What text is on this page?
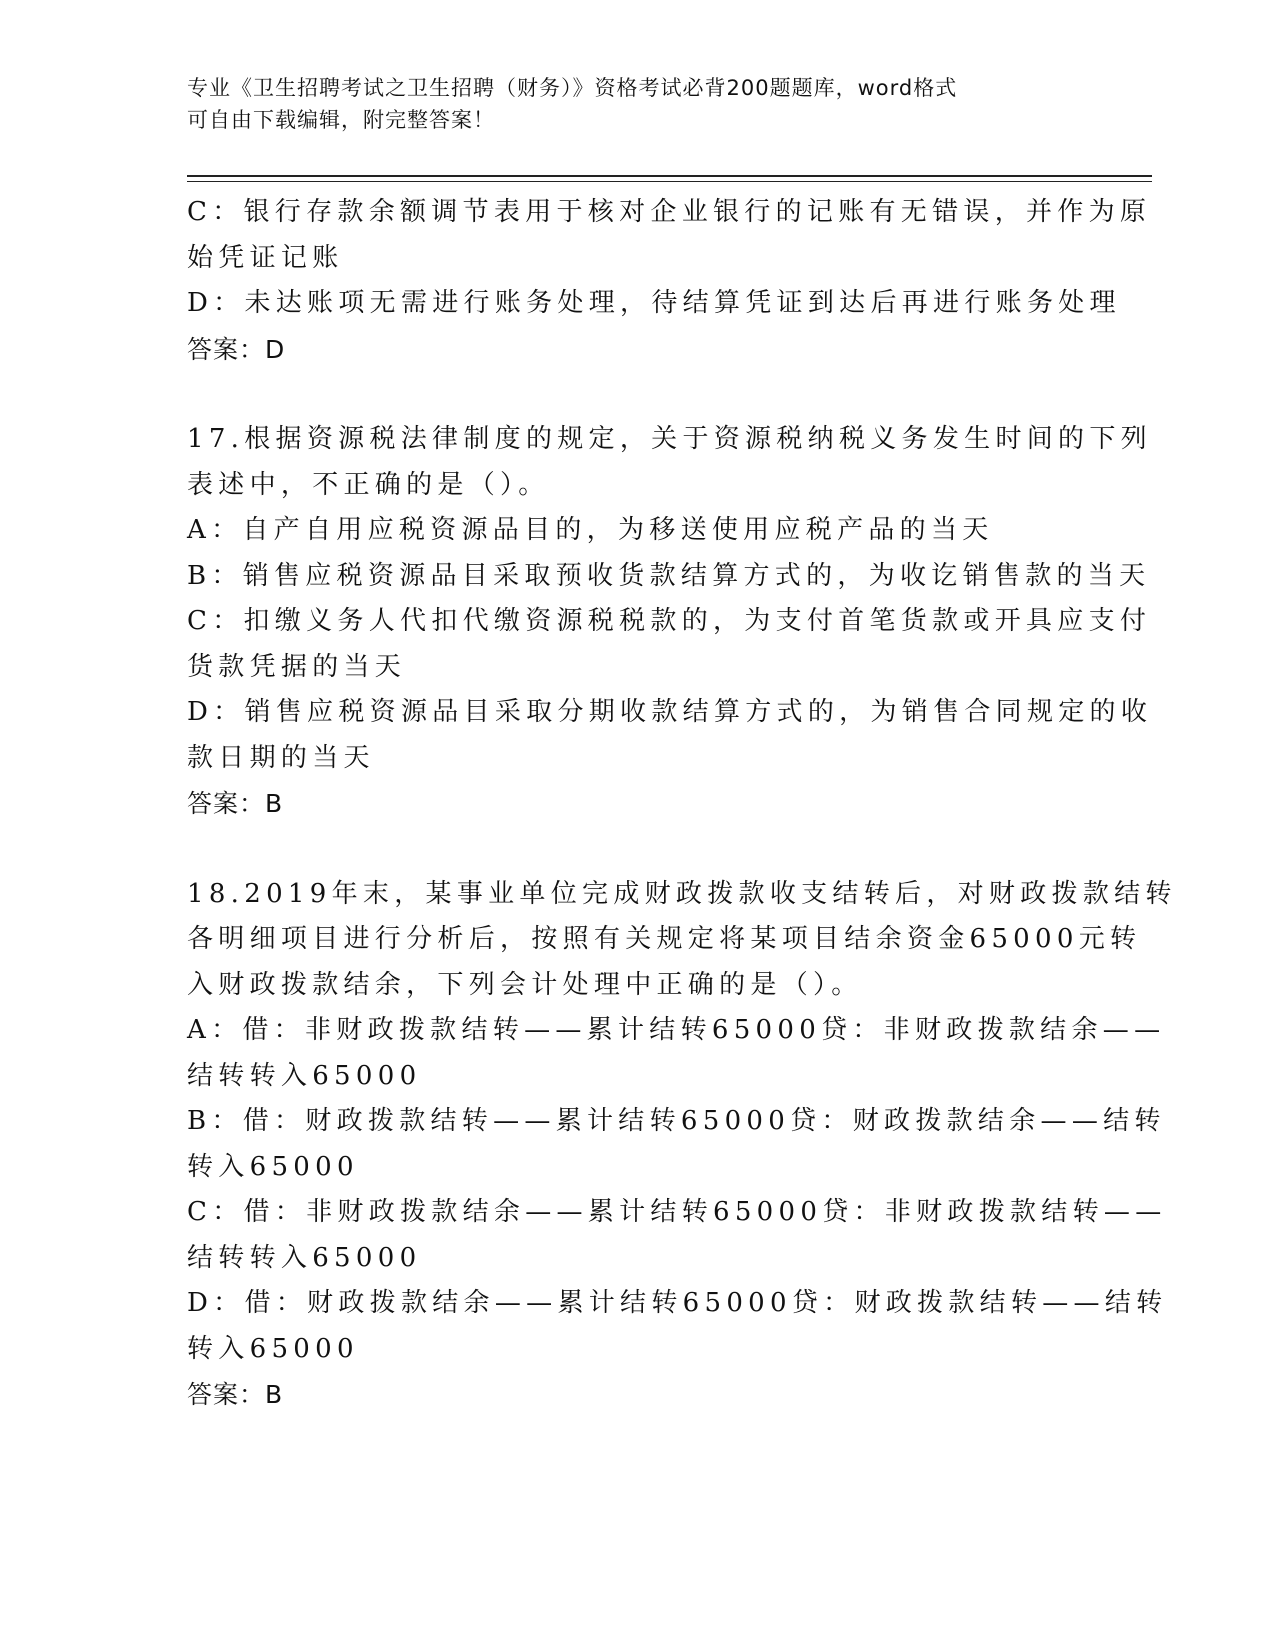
专业《卫生招聘考试之卫生招聘（财务）》资格考试必背200题题库，word格式
可自由下载编辑，附完整答案！
C：银行存款余额调节表用于核对企业银行的记账有无错误，并作为原
始凭证记账
D：未达账项无需进行账务处理，待结算凭证到达后再进行账务处理
答案：D
17.根据资源税法律制度的规定，关于资源税纳税义务发生时间的下列
表述中，不正确的是（）。
A：自产自用应税资源品目的，为移送使用应税产品的当天
B：销售应税资源品目采取预收货款结算方式的，为收讫销售款的当天
C：扣缴义务人代扣代缴资源税税款的，为支付首笔货款或开具应支付
货款凭据的当天
D：销售应税资源品目采取分期收款结算方式的，为销售合同规定的收
款日期的当天
答案：B
18.2019年末，某事业单位完成财政拨款收支结转后，对财政拨款结转
各明细项目进行分析后，按照有关规定将某项目结余资金65000元转
入财政拨款结余，下列会计处理中正确的是（）。
A：借：非财政拨款结转——累计结转65000贷：非财政拨款结余——
结转转入65000
B：借：财政拨款结转——累计结转65000贷：财政拨款结余——结转
转入65000
C：借：非财政拨款结余——累计结转65000贷：非财政拨款结转——
结转转入65000
D：借：财政拨款结余——累计结转65000贷：财政拨款结转——结转
转入65000
答案：B
